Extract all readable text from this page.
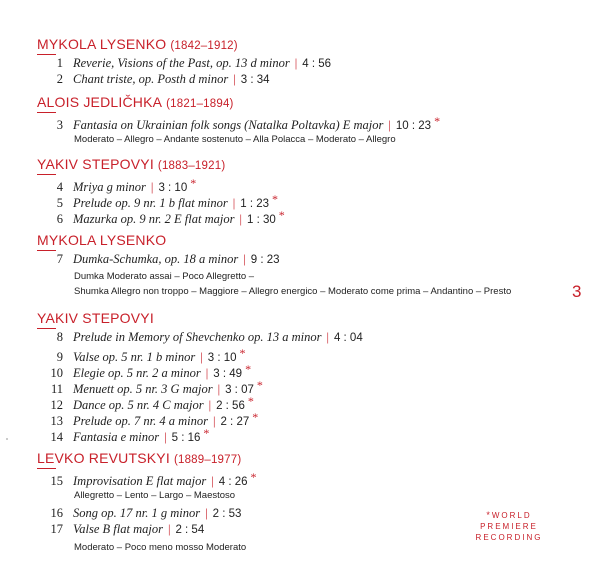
MYKOLA LYSENKO (1842–1912)
1 Reverie, Visions of the Past, op. 13 d minor | 4 : 56
2 Chant triste, op. Posth d minor | 3 : 34
ALOIS JEDLIČHKA (1821–1894)
3 Fantasia on Ukrainian folk songs (Natalka Poltavka) E major | 10 : 23 *
Moderato – Allegro – Andante sostenuto – Alla Polacca – Moderato – Allegro
YAKIV STEPOVYI (1883–1921)
4 Mriya g minor | 3 : 10 *
5 Prelude op. 9 nr. 1 b flat minor | 1 : 23 *
6 Mazurka op. 9 nr. 2 E flat major | 1 : 30 *
MYKOLA LYSENKO
7 Dumka-Schumka, op. 18 a minor | 9 : 23
Dumka Moderato assai – Poco Allegretto –
Shumka Allegro non troppo – Maggiore – Allegro energico – Moderato come prima – Andantino – Presto
YAKIV STEPOVYI
8 Prelude in Memory of Shevchenko op. 13 a minor | 4 : 04
9 Valse op. 5 nr. 1 b minor | 3 : 10 *
10 Elegie op. 5 nr. 2 a minor | 3 : 49 *
11 Menuett op. 5 nr. 3 G major | 3 : 07 *
12 Dance op. 5 nr. 4 C major | 2 : 56 *
13 Prelude op. 7 nr. 4 a minor | 2 : 27 *
14 Fantasia e minor | 5 : 16 *
LEVKO REVUTSKYI (1889–1977)
15 Improvisation E flat major | 4 : 26 *
Allegretto – Lento – Largo – Maestoso
16 Song op. 17 nr. 1 g minor | 2 : 53
17 Valse B flat major | 2 : 54
Moderato – Poco meno mosso Moderato
3
*WORLD
PREMIERE
RECORDING
